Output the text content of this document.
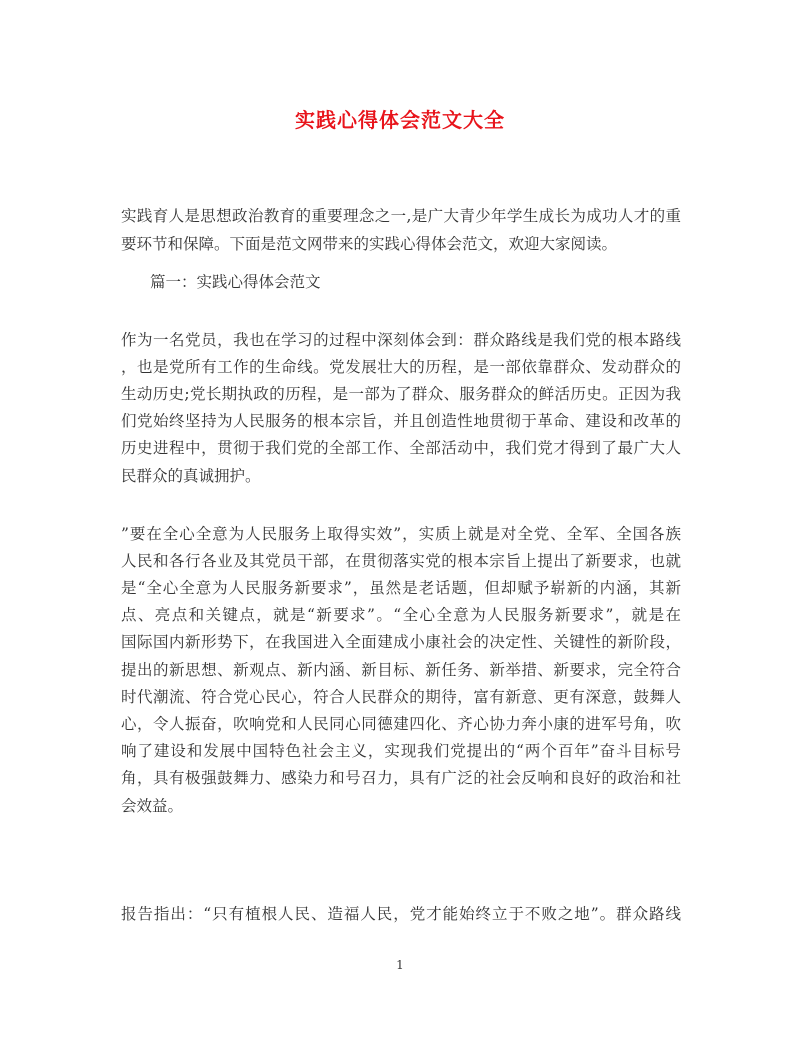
实践心得体会范文大全
实践育人是思想政治教育的重要理念之一,是广大青少年学生成长为成功人才的重
要环节和保障。下面是范文网带来的实践心得体会范文，欢迎大家阅读。
篇一：实践心得体会范文
作为一名党员，我也在学习的过程中深刻体会到：群众路线是我们党的根本路线
，也是党所有工作的生命线。党发展壮大的历程，是一部依靠群众、发动群众的
生动历史;党长期执政的历程，是一部为了群众、服务群众的鲜活历史。正因为我
们党始终坚持为人民服务的根本宗旨，并且创造性地贯彻于革命、建设和改革的
历史进程中，贯彻于我们党的全部工作、全部活动中，我们党才得到了最广大人
民群众的真诚拥护。
”要在全心全意为人民服务上取得实效”，实质上就是对全党、全军、全国各族
人民和各行各业及其党员干部，在贯彻落实党的根本宗旨上提出了新要求，也就
是“全心全意为人民服务新要求”，虽然是老话题，但却赋予崭新的内涵，其新
点、亮点和关键点，就是“新要求”。“全心全意为人民服务新要求”，就是在
国际国内新形势下，在我国进入全面建成小康社会的决定性、关键性的新阶段，
提出的新思想、新观点、新内涵、新目标、新任务、新举措、新要求，完全符合
时代潮流、符合党心民心，符合人民群众的期待，富有新意、更有深意，鼓舞人
心，令人振奋，吹响党和人民同心同德建四化、齐心协力奔小康的进军号角，吹
响了建设和发展中国特色社会主义，实现我们党提出的“两个百年”奋斗目标号
角，具有极强鼓舞力、感染力和号召力，具有广泛的社会反响和良好的政治和社
会效益。
报告指出：“只有植根人民、造福人民，党才能始终立于不败之地”。群众路线
1
